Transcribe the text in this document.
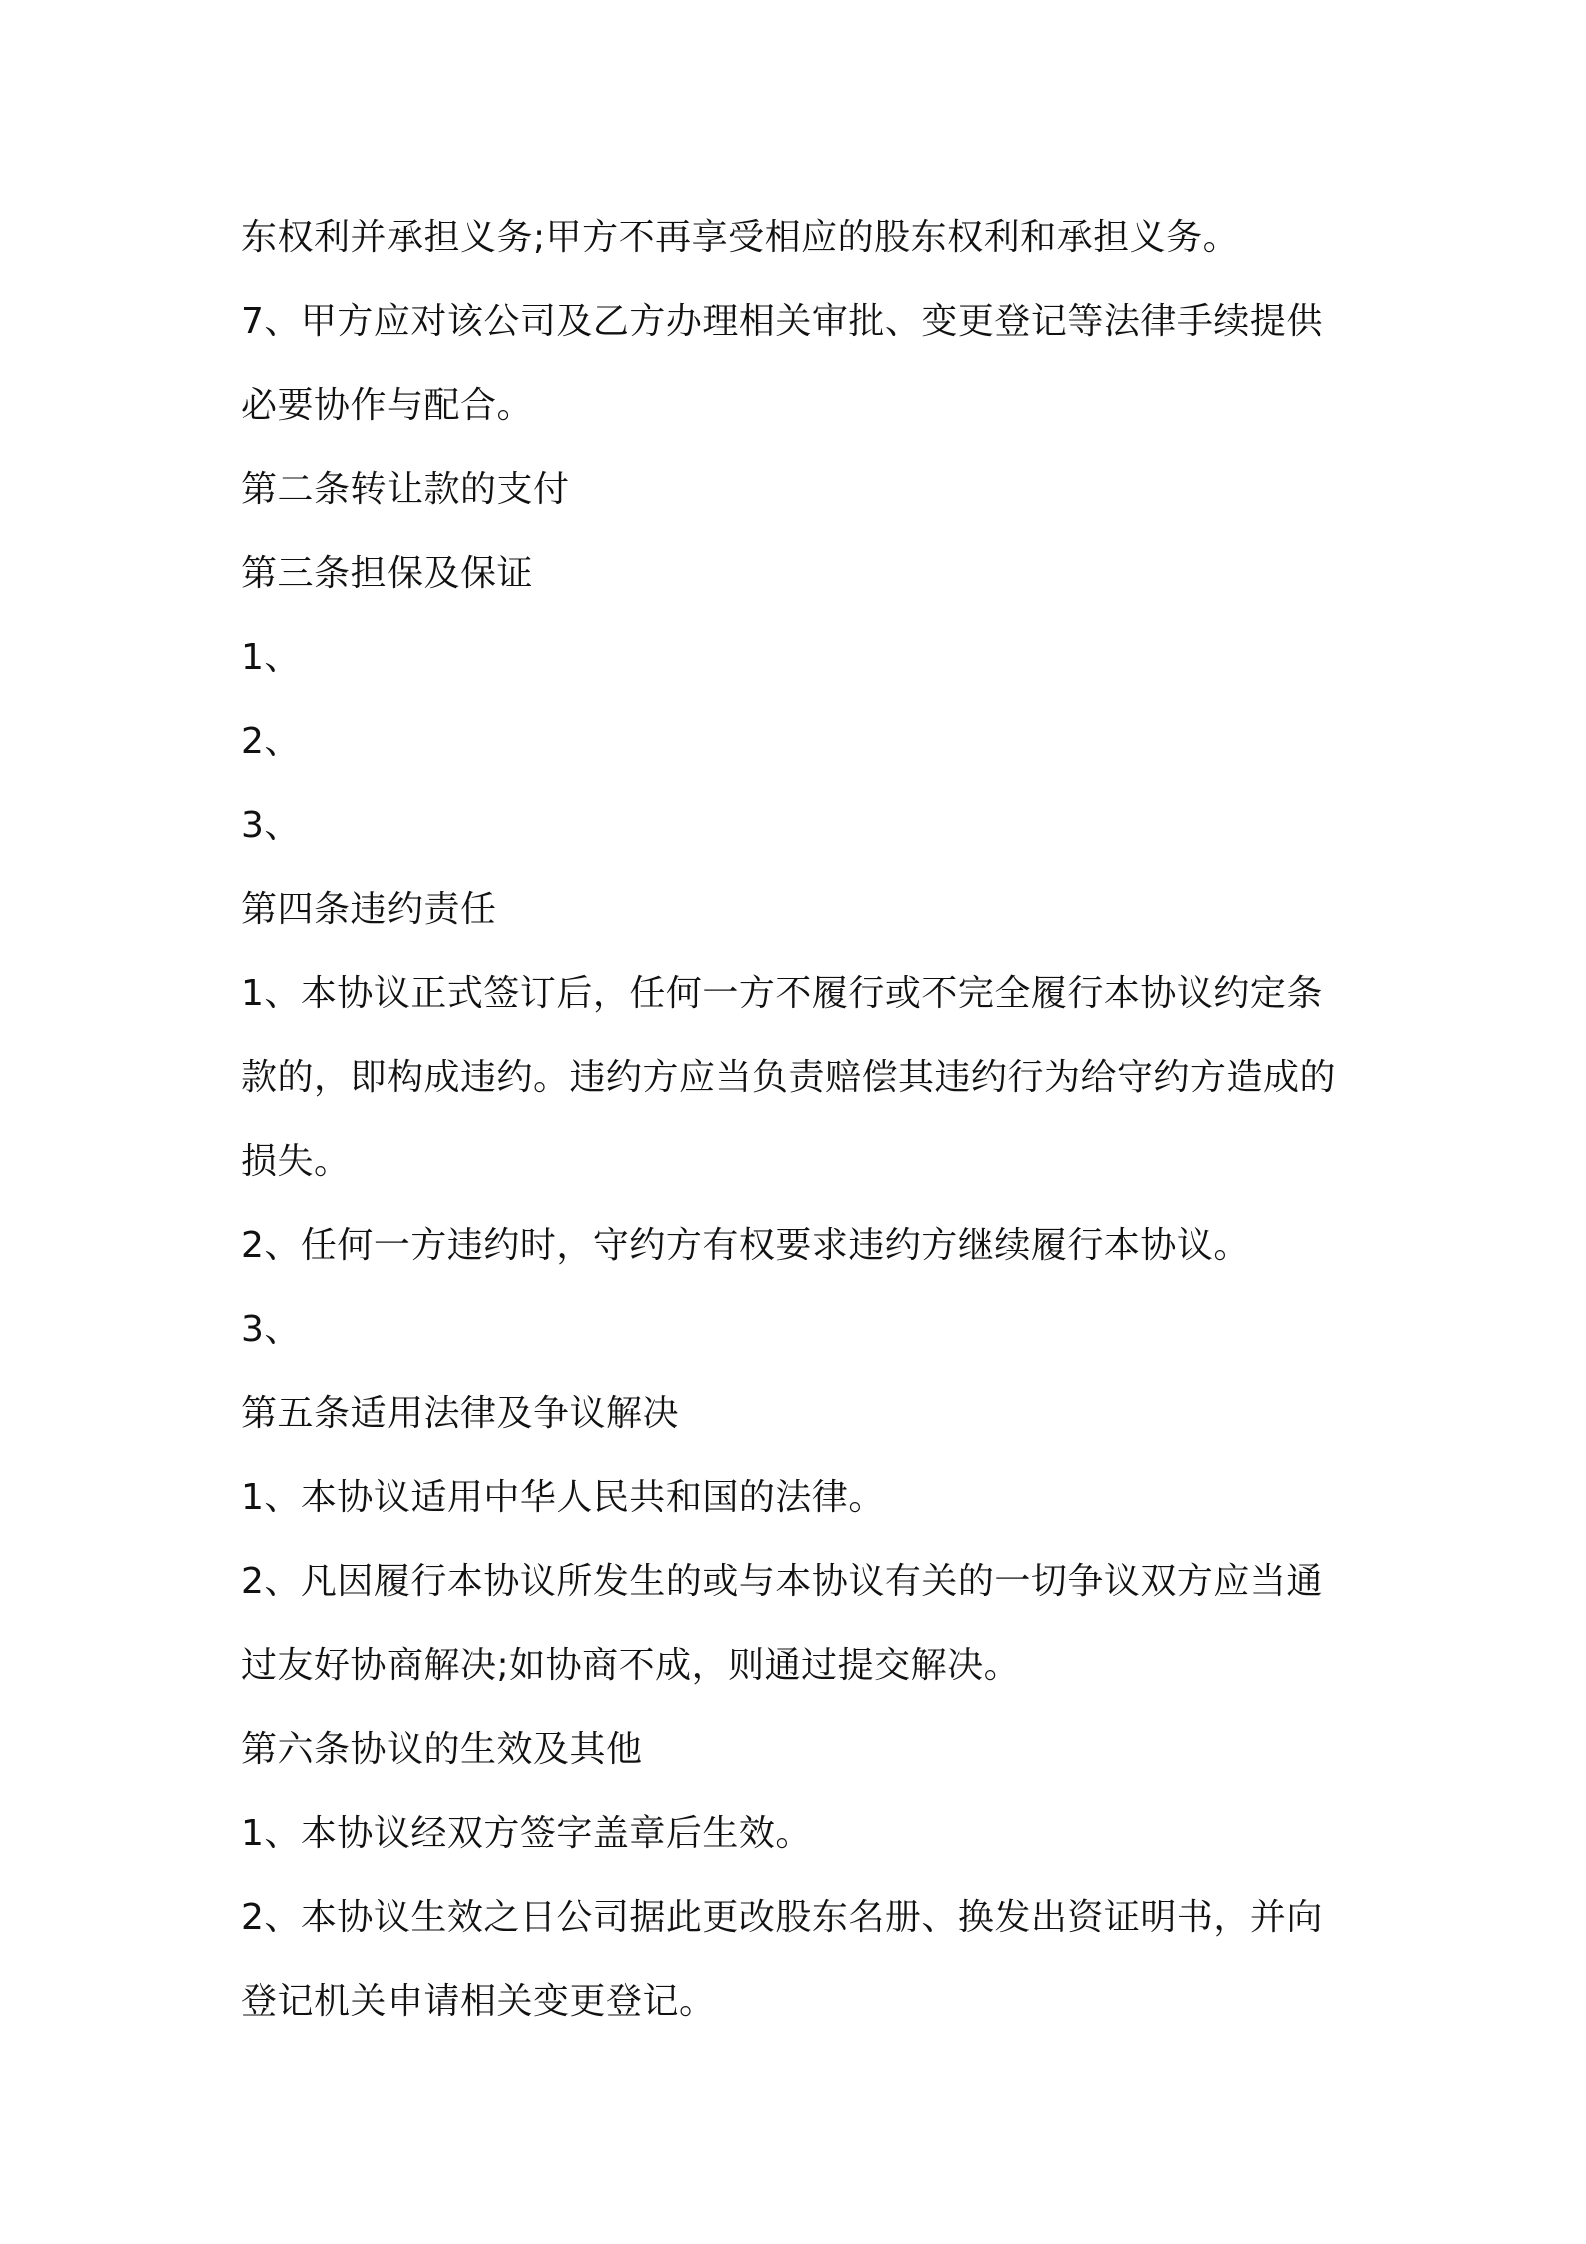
东权利并承担义务;甲方不再享受相应的股东权利和承担义务。
7、甲方应对该公司及乙方办理相关审批、变更登记等法律手续提供
必要协作与配合。
第二条转让款的支付
第三条担保及保证
1、
2、
3、
第四条违约责任
1、本协议正式签订后，任何一方不履行或不完全履行本协议约定条
款的，即构成违约。违约方应当负责赔偿其违约行为给守约方造成的
损失。
2、任何一方违约时，守约方有权要求违约方继续履行本协议。
3、
第五条适用法律及争议解决
1、本协议适用中华人民共和国的法律。
2、凡因履行本协议所发生的或与本协议有关的一切争议双方应当通
过友好协商解决;如协商不成，则通过提交解决。
第六条协议的生效及其他
1、本协议经双方签字盖章后生效。
2、本协议生效之日公司据此更改股东名册、换发出资证明书，并向
登记机关申请相关变更登记。
